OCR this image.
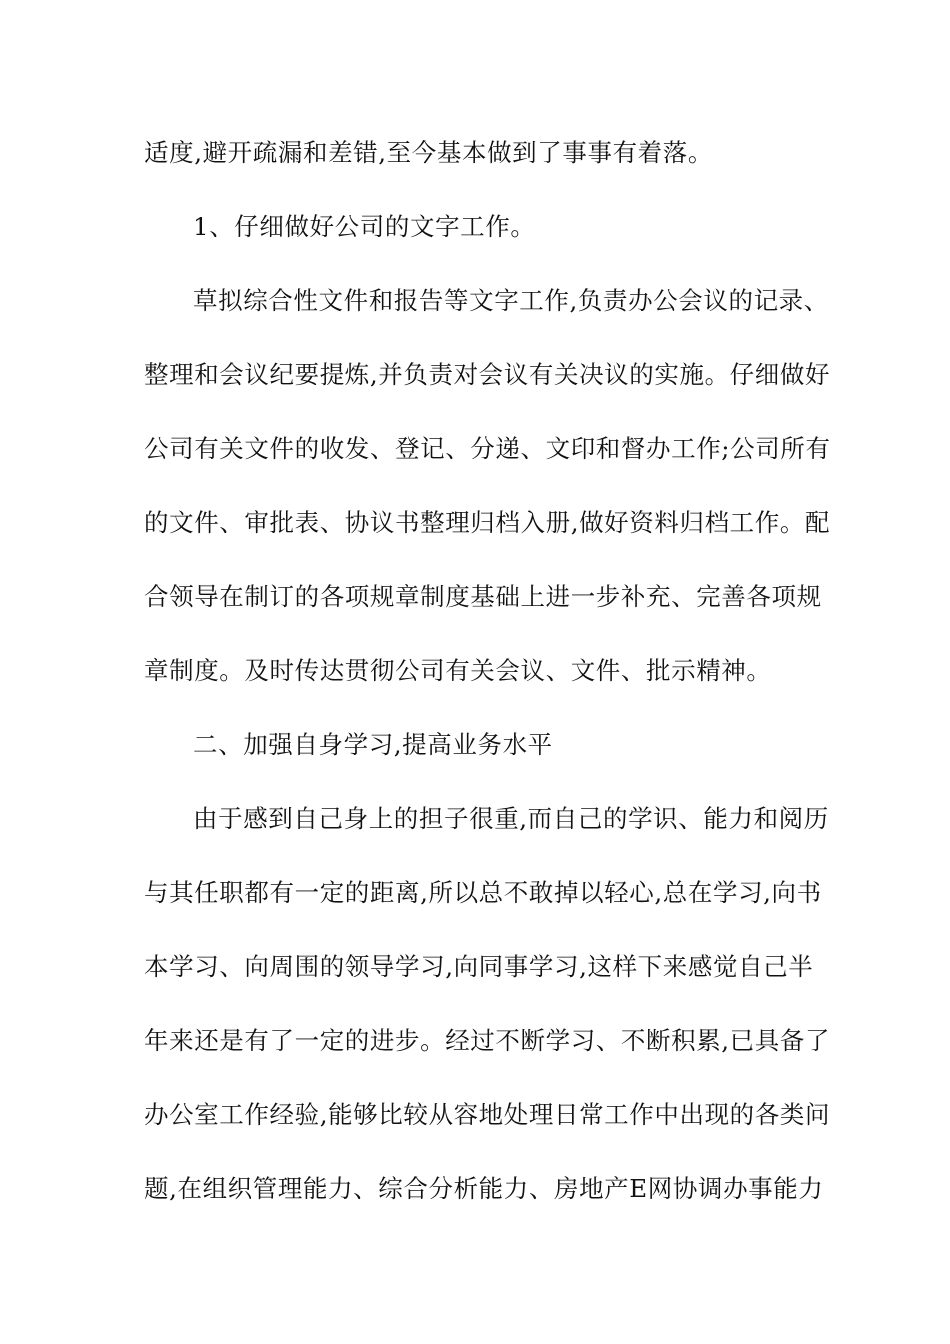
适度,避开疏漏和差错,至今基本做到了事事有着落。
1、仔细做好公司的文字工作。
草拟综合性文件和报告等文字工作,负责办公会议的记录、
整理和会议纪要提炼,并负责对会议有关决议的实施。仔细做好
公司有关文件的收发、登记、分递、文印和督办工作;公司所有
的文件、审批表、协议书整理归档入册,做好资料归档工作。配
合领导在制订的各项规章制度基础上进一步补充、完善各项规
章制度。及时传达贯彻公司有关会议、文件、批示精神。
二、加强自身学习,提高业务水平
由于感到自己身上的担子很重,而自己的学识、能力和阅历
与其任职都有一定的距离,所以总不敢掉以轻心,总在学习,向书
本学习、向周围的领导学习,向同事学习,这样下来感觉自己半
年来还是有了一定的进步。经过不断学习、不断积累,已具备了
办公室工作经验,能够比较从容地处理日常工作中出现的各类问
题,在组织管理能力、综合分析能力、房地产E网协调办事能力
